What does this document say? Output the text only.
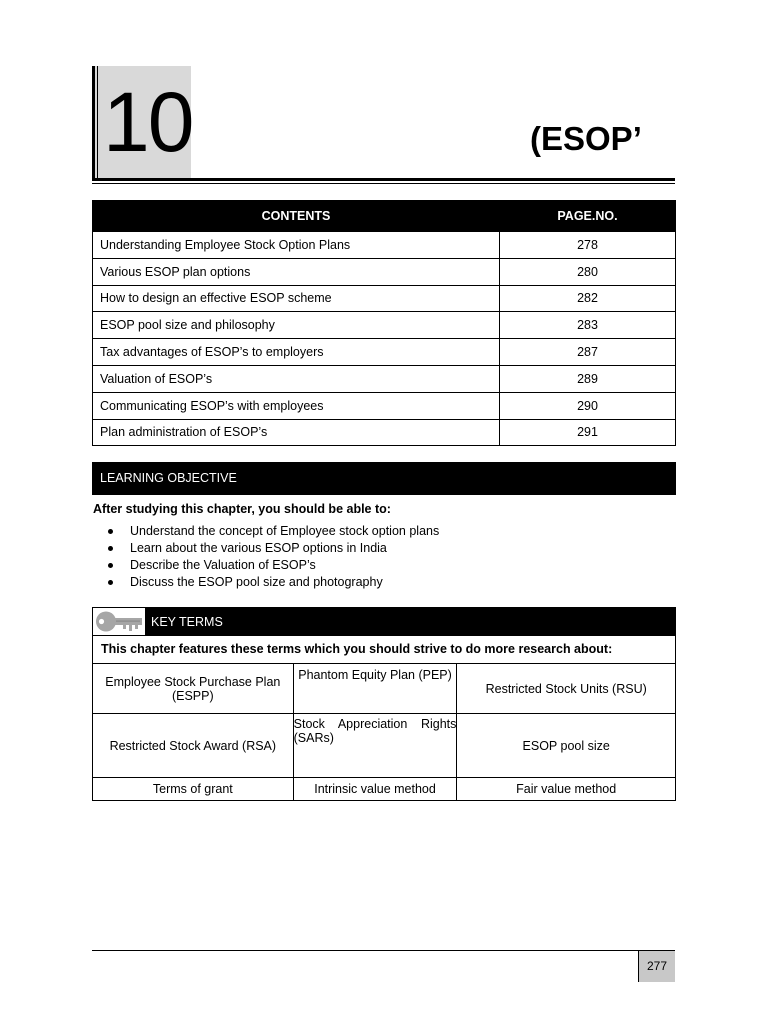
10	(ESOP’
CONTENTS	PAGE.NO.
Understanding Employee Stock Option Plans	278
Various ESOP plan options	280
How to design an effective ESOP scheme	282
ESOP pool size and philosophy	283
Tax advantages of ESOP’s to employers	287
Valuation of ESOP’s	289
Communicating ESOP’s with employees	290
Plan administration of ESOP’s	291
LEARNING OBJECTIVE
After studying this chapter, you should be able to:
Understand the concept of Employee stock option plans
Learn about the various ESOP options in India
Describe the Valuation of ESOP’s
Discuss the ESOP pool size and photography
KEY TERMS
This chapter features these terms which you should strive to do more research about:
Employee Stock Purchase Plan (ESPP)	Phantom Equity Plan (PEP)	Restricted Stock Units (RSU)
Restricted Stock Award (RSA)	Stock Appreciation Rights (SARs)	ESOP pool size
Terms of grant	Intrinsic value method	Fair value method
277
